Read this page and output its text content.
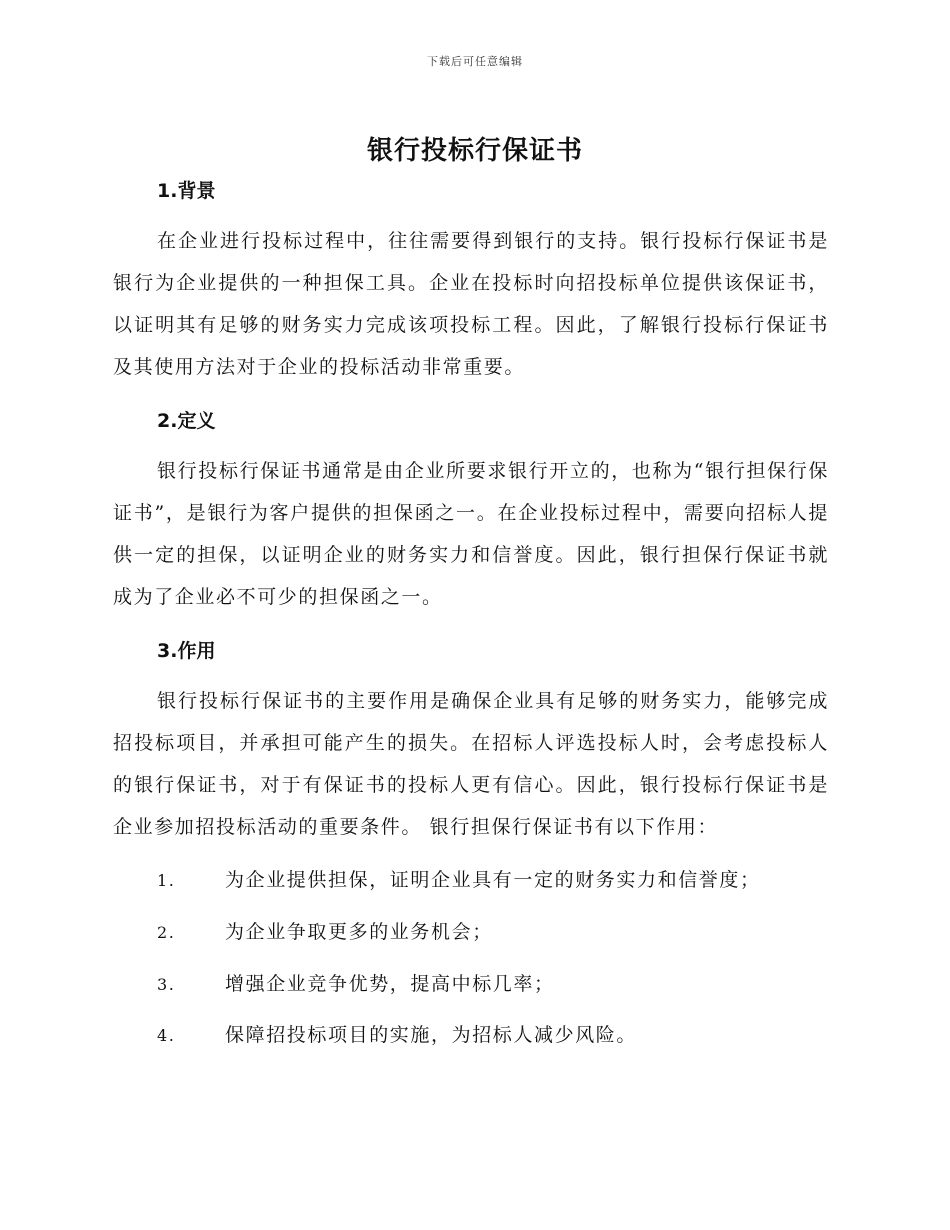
下载后可任意编辑
银行投标行保证书
1.背景

在企业进行投标过程中，往往需要得到银行的支持。银行投标行保证书是银行为企业提供的一种担保工具。企业在投标时向招投标单位提供该保证书，以证明其有足够的财务实力完成该项投标工程。因此，了解银行投标行保证书及其使用方法对于企业的投标活动非常重要。

2.定义

银行投标行保证书通常是由企业所要求银行开立的，也称为“银行担保行保证书”，是银行为客户提供的担保函之一。在企业投标过程中，需要向招标人提供一定的担保，以证明企业的财务实力和信誉度。因此，银行担保行保证书就成为了企业必不可少的担保函之一。

3.作用

银行投标行保证书的主要作用是确保企业具有足够的财务实力，能够完成招投标项目，并承担可能产生的损失。在招标人评选投标人时，会考虑投标人的银行保证书，对于有保证书的投标人更有信心。因此，银行投标行保证书是企业参加招投标活动的重要条件。 银行担保行保证书有以下作用：

1.	为企业提供担保，证明企业具有一定的财务实力和信誉度；
2.	为企业争取更多的业务机会；
3.	增强企业竞争优势，提高中标几率；
4.	保障招投标项目的实施，为招标人减少风险。
